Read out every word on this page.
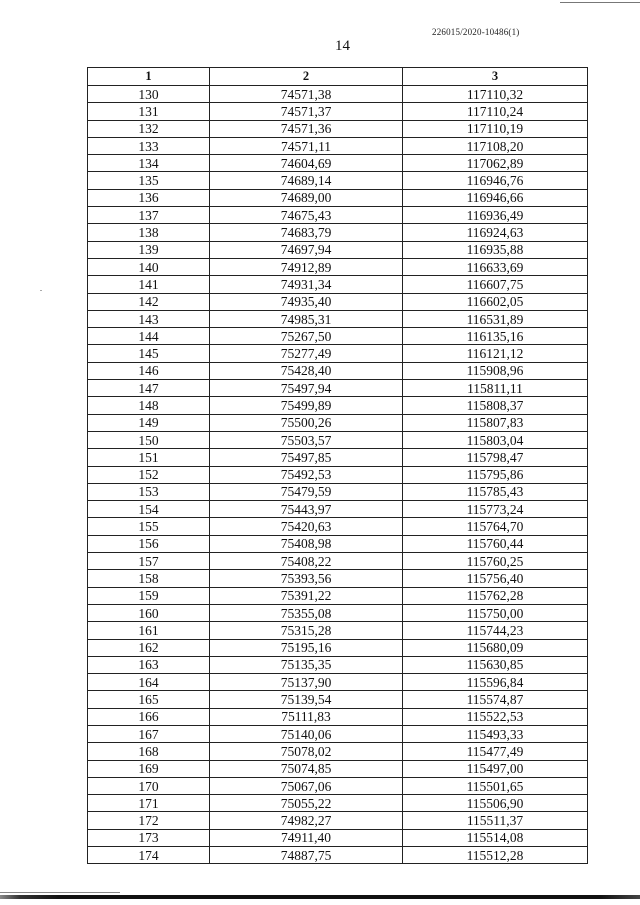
226015/2020-10486(1)
14
1	2	3
130	74571,38	117110,32
131	74571,37	117110,24
132	74571,36	117110,19
133	74571,11	117108,20
134	74604,69	117062,89
135	74689,14	116946,76
136	74689,00	116946,66
137	74675,43	116936,49
138	74683,79	116924,63
139	74697,94	116935,88
140	74912,89	116633,69
141	74931,34	116607,75
142	74935,40	116602,05
143	74985,31	116531,89
144	75267,50	116135,16
145	75277,49	116121,12
146	75428,40	115908,96
147	75497,94	115811,11
148	75499,89	115808,37
149	75500,26	115807,83
150	75503,57	115803,04
151	75497,85	115798,47
152	75492,53	115795,86
153	75479,59	115785,43
154	75443,97	115773,24
155	75420,63	115764,70
156	75408,98	115760,44
157	75408,22	115760,25
158	75393,56	115756,40
159	75391,22	115762,28
160	75355,08	115750,00
161	75315,28	115744,23
162	75195,16	115680,09
163	75135,35	115630,85
164	75137,90	115596,84
165	75139,54	115574,87
166	75111,83	115522,53
167	75140,06	115493,33
168	75078,02	115477,49
169	75074,85	115497,00
170	75067,06	115501,65
171	75055,22	115506,90
172	74982,27	115511,37
173	74911,40	115514,08
174	74887,75	115512,28
